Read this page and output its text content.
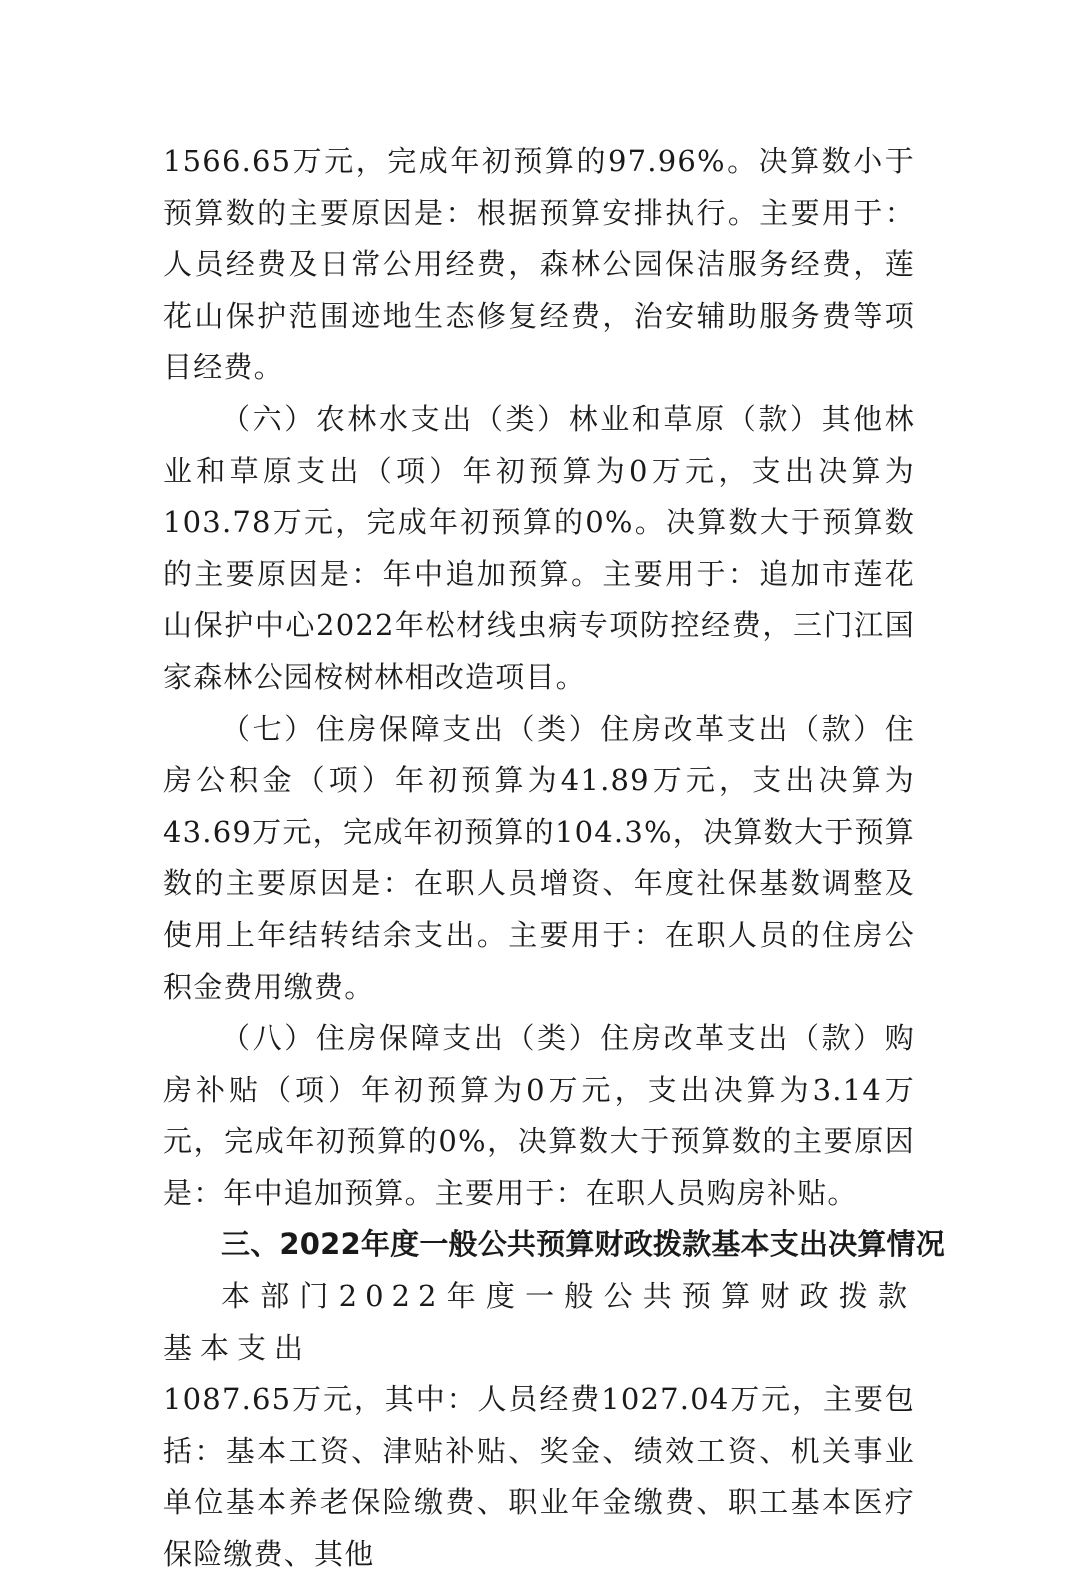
1566.65万元，完成年初预算的97.96%。决算数小于预算数的主要原因是：根据预算安排执行。主要用于：人员经费及日常公用经费，森林公园保洁服务经费，莲花山保护范围迹地生态修复经费，治安辅助服务费等项目经费。

（六）农林水支出（类）林业和草原（款）其他林业和草原支出（项）年初预算为0万元，支出决算为103.78万元，完成年初预算的0%。决算数大于预算数的主要原因是：年中追加预算。主要用于：追加市莲花山保护中心2022年松材线虫病专项防控经费，三门江国家森林公园桉树林相改造项目。

（七）住房保障支出（类）住房改革支出（款）住房公积金（项）年初预算为41.89万元，支出决算为43.69万元，完成年初预算的104.3%，决算数大于预算数的主要原因是：在职人员增资、年度社保基数调整及使用上年结转结余支出。主要用于：在职人员的住房公积金费用缴费。

（八）住房保障支出（类）住房改革支出（款）购房补贴（项）年初预算为0万元，支出决算为3.14万元，完成年初预算的0%，决算数大于预算数的主要原因是：年中追加预算。主要用于：在职人员购房补贴。

三、2022年度一般公共预算财政拨款基本支出决算情况

本部门2022年度一般公共预算财政拨款基本支出

1087.65万元，其中：人员经费1027.04万元，主要包括：基本工资、津贴补贴、奖金、绩效工资、机关事业单位基本养老保险缴费、职业年金缴费、职工基本医疗保险缴费、其他
